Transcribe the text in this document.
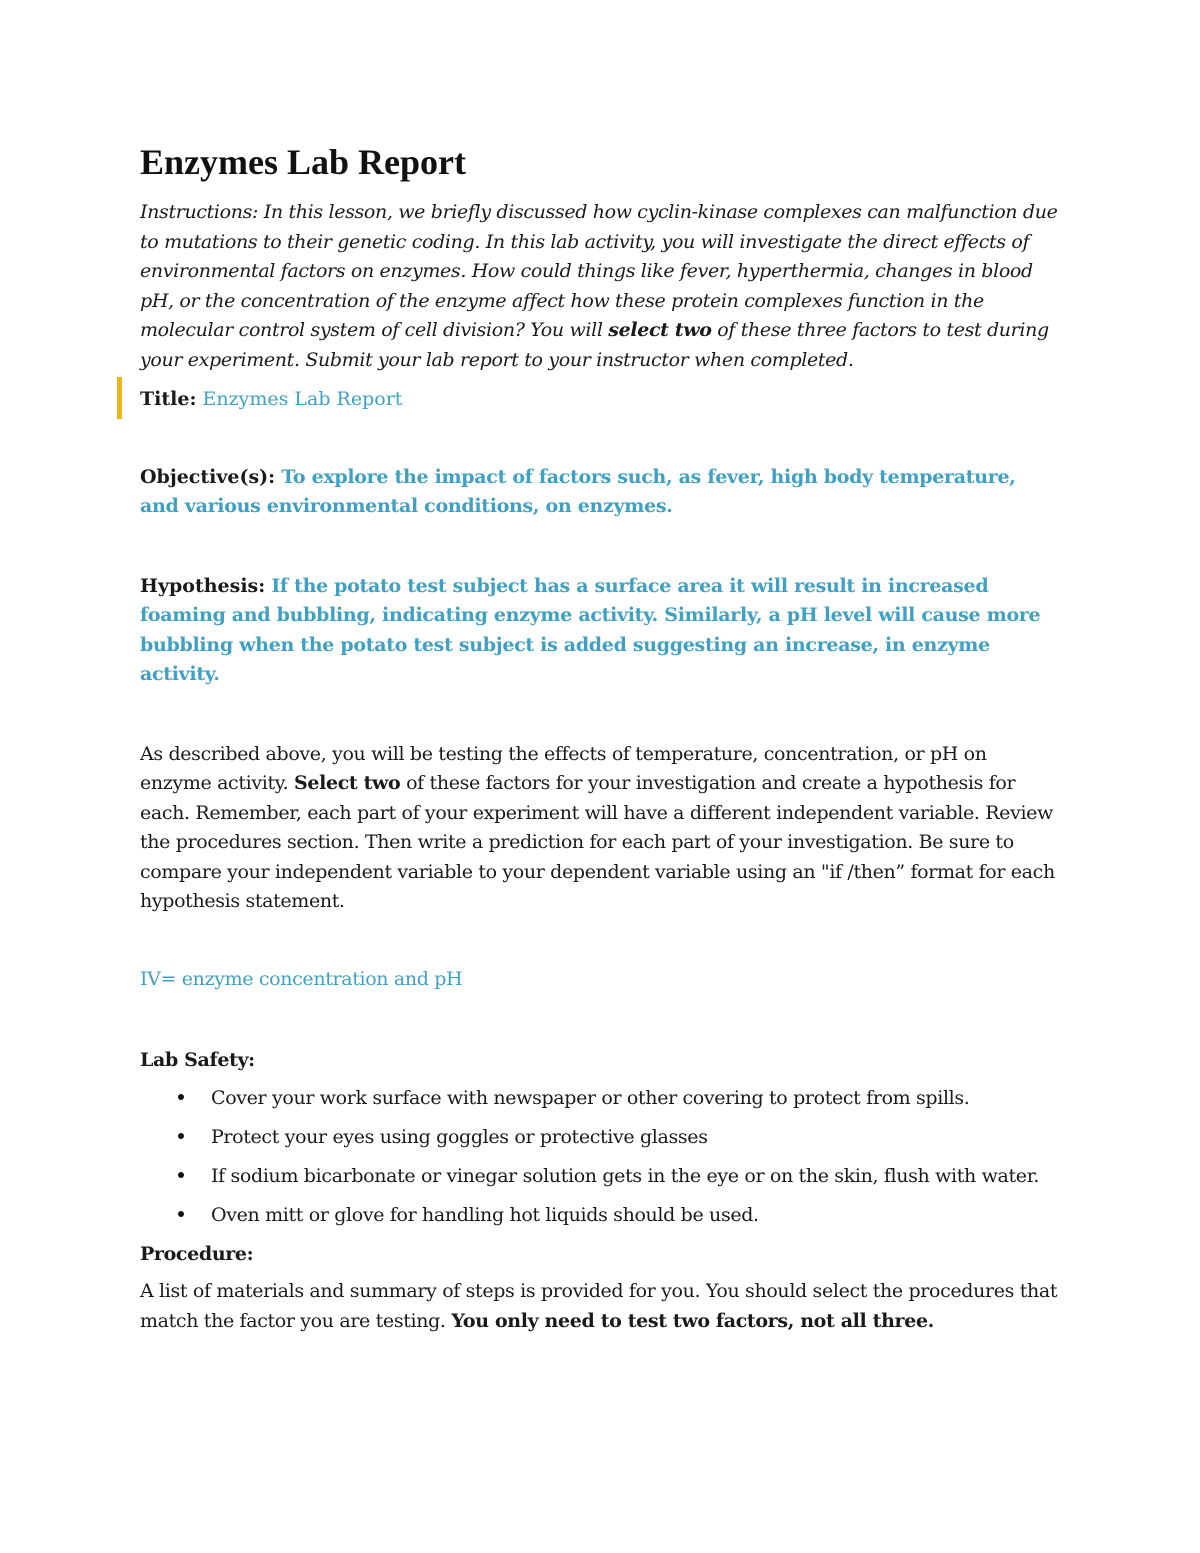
Enzymes Lab Report

Instructions: In this lesson, we briefly discussed how cyclin-kinase complexes can malfunction due to mutations to their genetic coding. In this lab activity, you will investigate the direct effects of environmental factors on enzymes. How could things like fever, hyperthermia, changes in blood pH, or the concentration of the enzyme affect how these protein complexes function in the molecular control system of cell division? You will select two of these three factors to test during your experiment. Submit your lab report to your instructor when completed.

Title: Enzymes Lab Report

Objective(s): To explore the impact of factors such, as fever, high body temperature, and various environmental conditions, on enzymes.

Hypothesis: If the potato test subject has a surface area it will result in increased foaming and bubbling, indicating enzyme activity. Similarly, a pH level will cause more bubbling when the potato test subject is added suggesting an increase, in enzyme activity.

As described above, you will be testing the effects of temperature, concentration, or pH on enzyme activity. Select two of these factors for your investigation and create a hypothesis for each. Remember, each part of your experiment will have a different independent variable. Review the procedures section. Then write a prediction for each part of your investigation. Be sure to compare your independent variable to your dependent variable using an "if /then” format for each hypothesis statement.

IV= enzyme concentration and pH

Lab Safety:

Cover your work surface with newspaper or other covering to protect from spills.
Protect your eyes using goggles or protective glasses
If sodium bicarbonate or vinegar solution gets in the eye or on the skin, flush with water.
Oven mitt or glove for handling hot liquids should be used.

Procedure:

A list of materials and summary of steps is provided for you. You should select the procedures that match the factor you are testing. You only need to test two factors, not all three.
